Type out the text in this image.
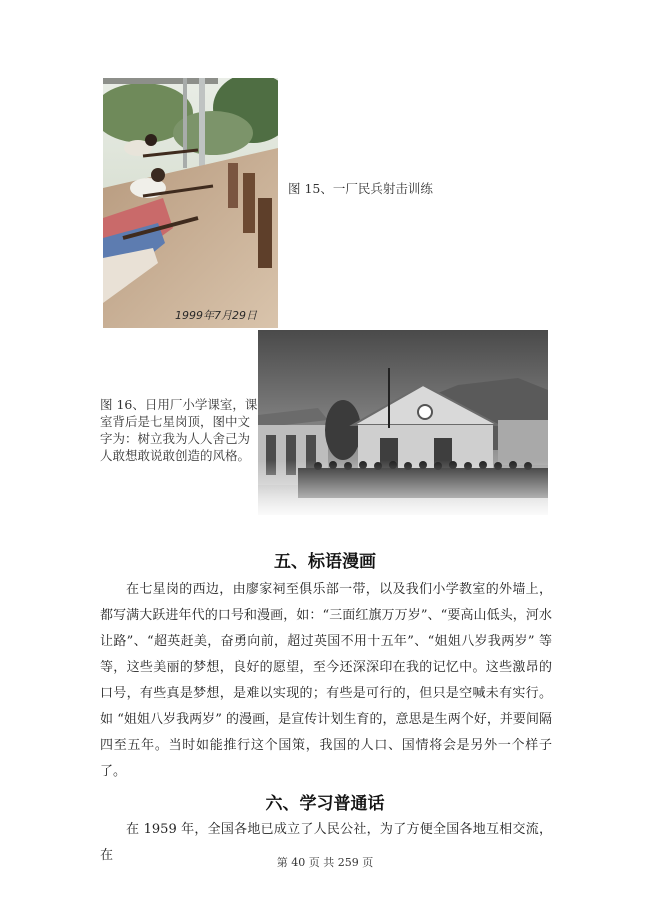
1999年7月29日
图 15、一厂民兵射击训练
图 16、日用厂小学课室，课室背后是七星岗顶，图中文字为：树立我为人人舍己为人敢想敢说敢创造的风格。
五、标语漫画
在七星岗的西边，由廖家祠至俱乐部一带，以及我们小学教室的外墙上，都写满大跃进年代的口号和漫画，如：“三面红旗万万岁”、“要高山低头，河水让路”、“超英赶美，奋勇向前，超过英国不用十五年”、“姐姐八岁我两岁” 等等，这些美丽的梦想，良好的愿望，至今还深深印在我的记忆中。这些激昂的口号，有些真是梦想，是难以实现的；有些是可行的，但只是空喊未有实行。如 “姐姐八岁我两岁” 的漫画，是宣传计划生育的，意思是生两个好，并要间隔四至五年。当时如能推行这个国策，我国的人口、国情将会是另外一个样子了。
六、学习普通话
在 1959 年，全国各地已成立了人民公社，为了方便全国各地互相交流，在	第 40 页 共 259 页
